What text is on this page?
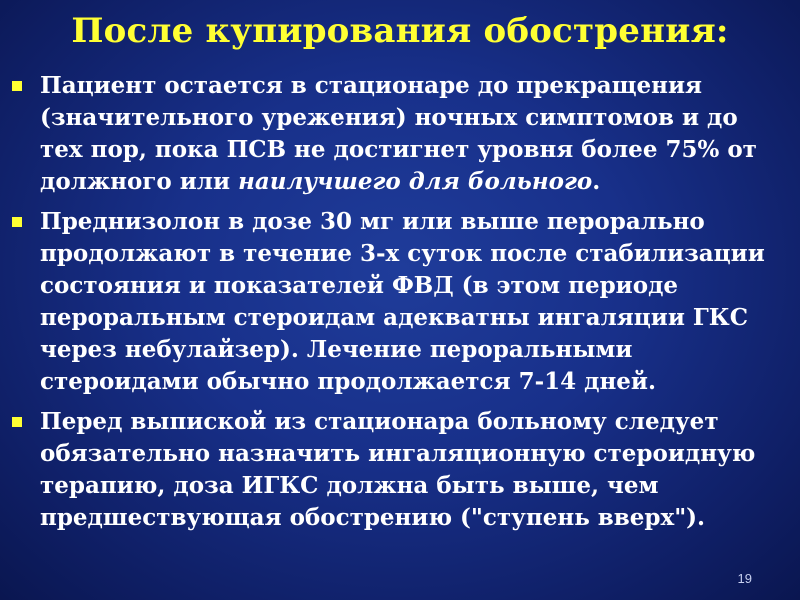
После купирования обострения:
Пациент остается в стационаре до прекращения (значительного урежения) ночных симптомов и до тех пор, пока ПСВ не достигнет уровня более 75% от должного или наилучшего для больного.
Преднизолон в дозе 30 мг или выше перорально продолжают в течение 3-х суток после стабилизации состояния и показателей ФВД (в этом периоде пероральным стероидам адекватны ингаляции ГКС через небулайзер). Лечение пероральными стероидами обычно продолжается 7-14 дней.
Перед выпиской из стационара больному следует обязательно назначить ингаляционную стероидную терапию, доза ИГКС должна быть выше, чем предшествующая обострению ("ступень вверх").
19
